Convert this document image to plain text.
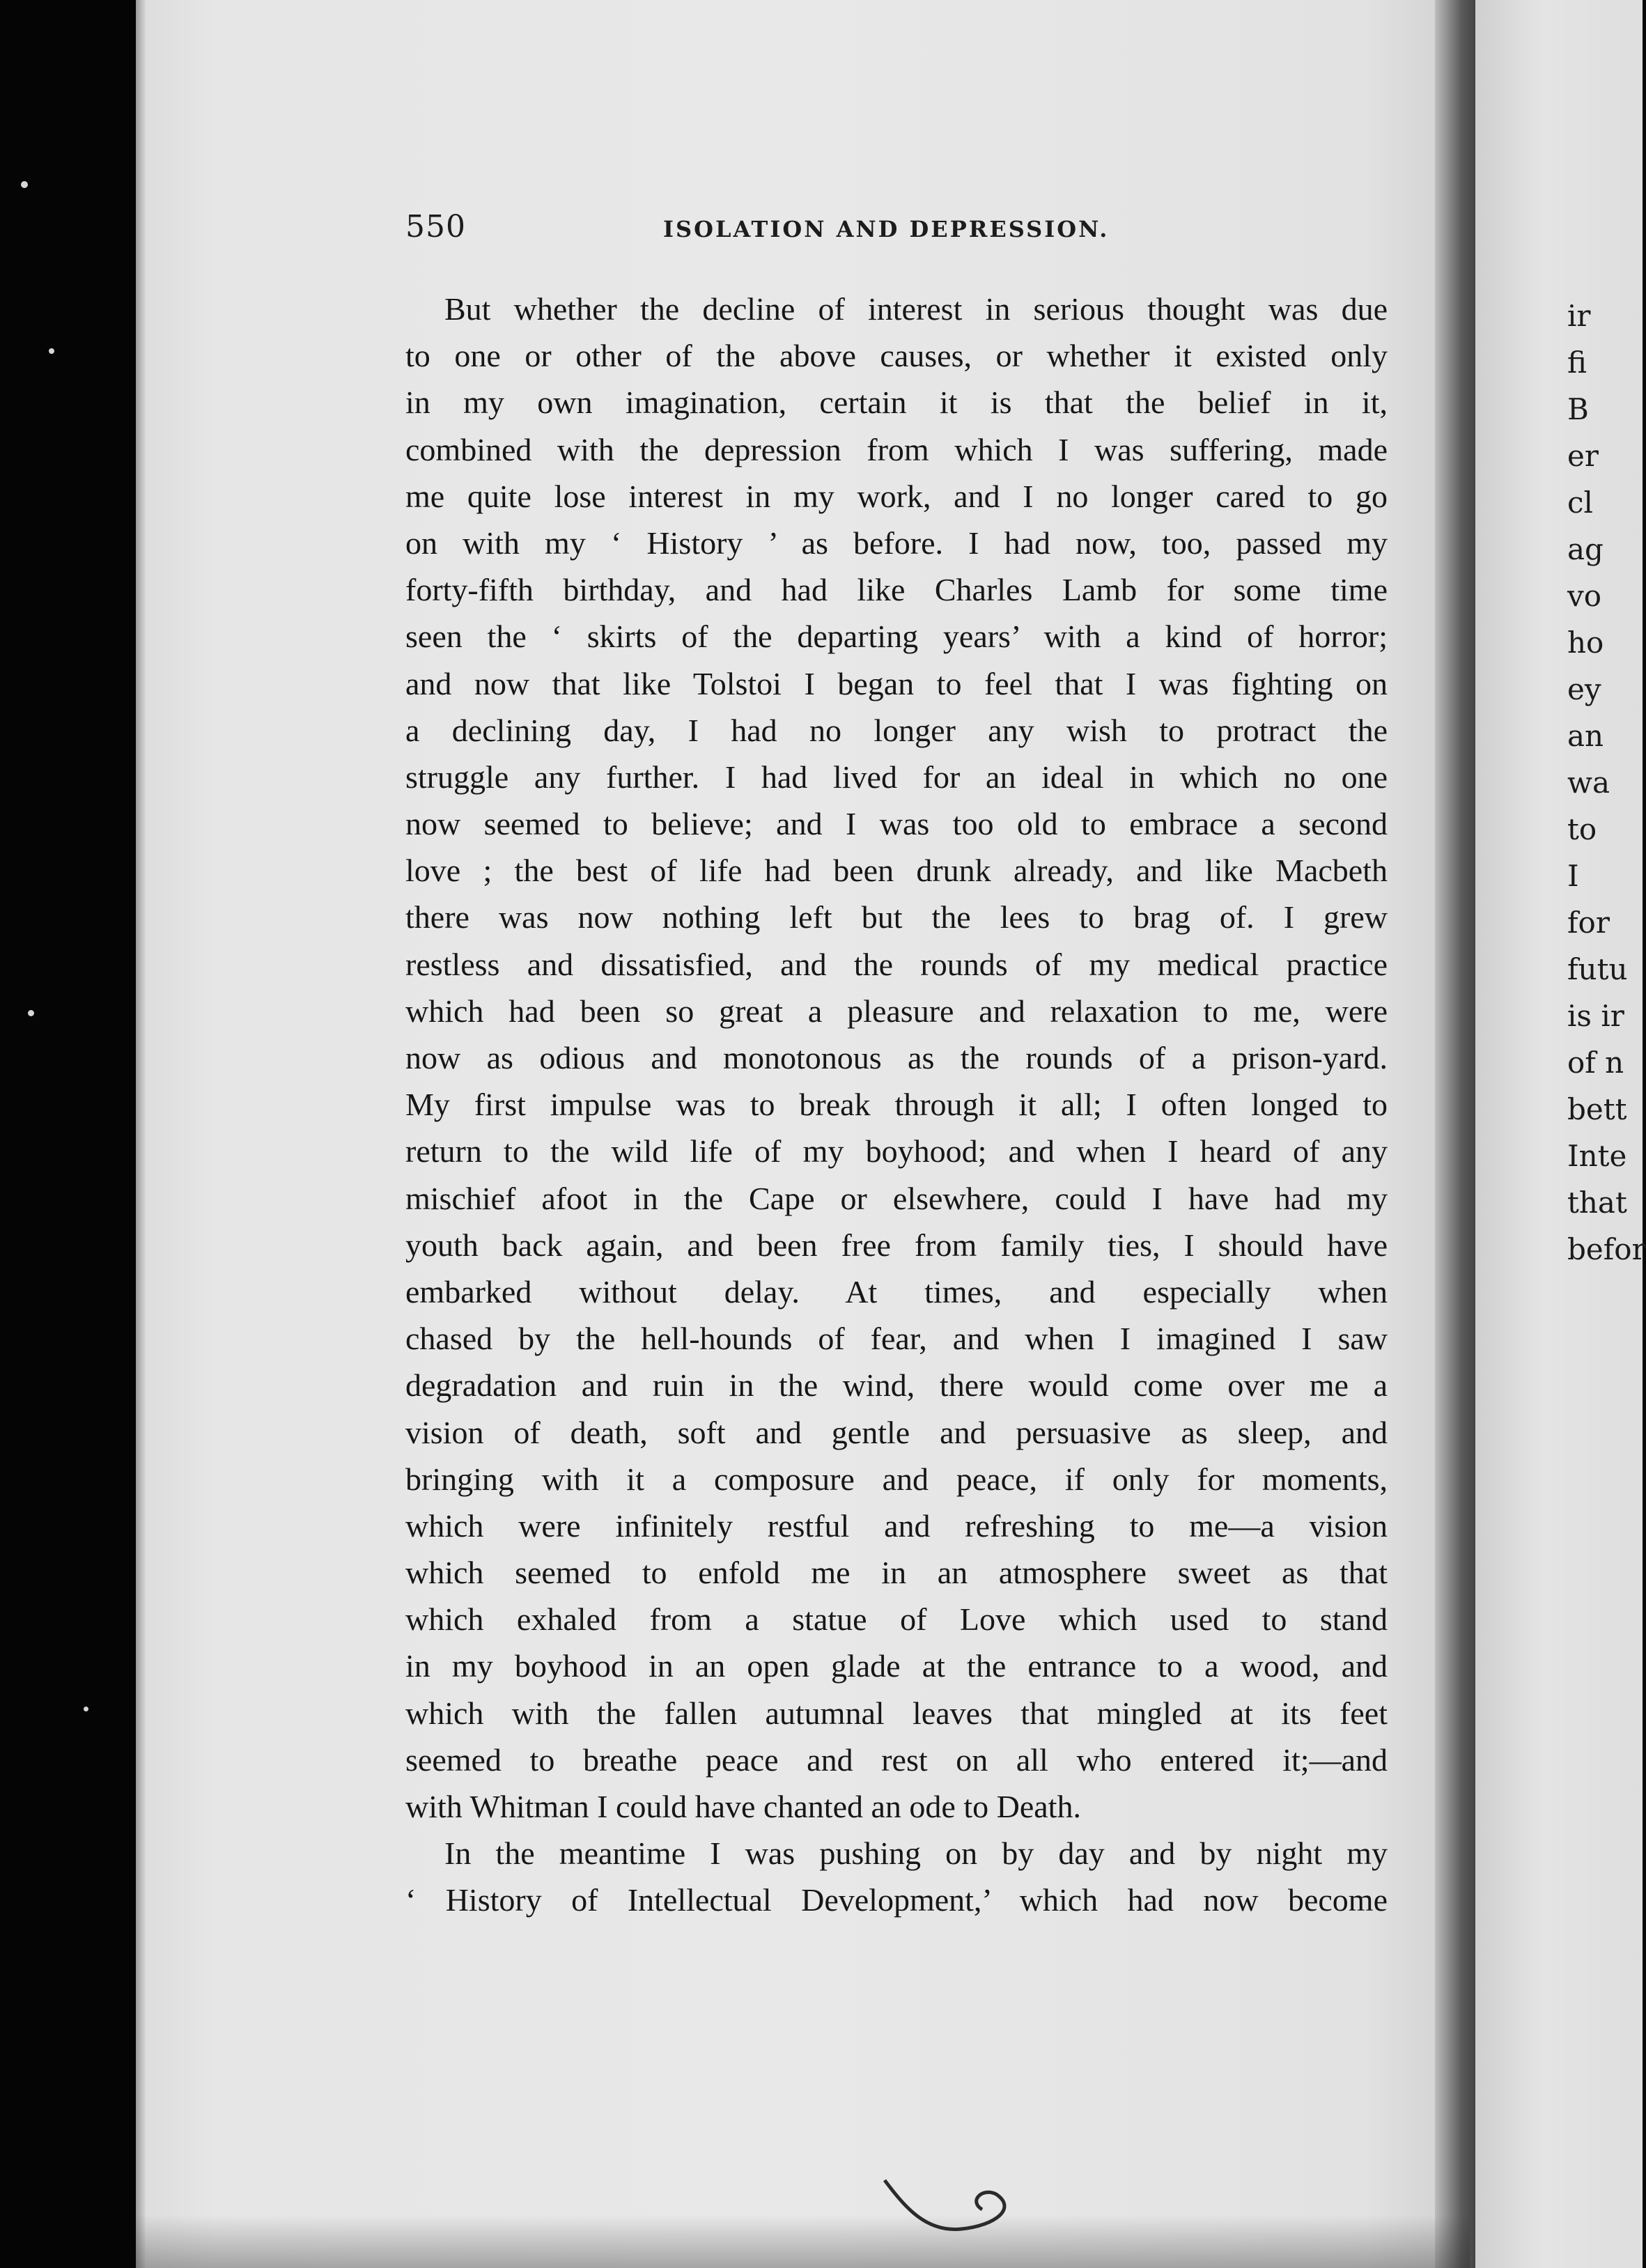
550	ISOLATION AND DEPRESSION.
But whether the decline of interest in serious thought was due
to one or other of the above causes, or whether it existed only
in my own imagination, certain it is that the belief in it,
combined with the depression from which I was suffering, made
me quite lose interest in my work, and I no longer cared to go
on with my ‘ History ’ as before. I had now, too, passed my
forty-fifth birthday, and had like Charles Lamb for some time
seen the ‘ skirts of the departing years’ with a kind of horror;
and now that like Tolstoi I began to feel that I was fighting on
a declining day, I had no longer any wish to protract the
struggle any further. I had lived for an ideal in which no one
now seemed to believe; and I was too old to embrace a second
love ; the best of life had been drunk already, and like Macbeth
there was now nothing left but the lees to brag of. I grew
restless and dissatisfied, and the rounds of my medical practice
which had been so great a pleasure and relaxation to me, were
now as odious and monotonous as the rounds of a prison-yard.
My first impulse was to break through it all; I often longed to
return to the wild life of my boyhood; and when I heard of any
mischief afoot in the Cape or elsewhere, could I have had my
youth back again, and been free from family ties, I should have
embarked without delay. At times, and especially when
chased by the hell-hounds of fear, and when I imagined I saw
degradation and ruin in the wind, there would come over me a
vision of death, soft and gentle and persuasive as sleep, and
bringing with it a composure and peace, if only for moments,
which were infinitely restful and refreshing to me—a vision
which seemed to enfold me in an atmosphere sweet as that
which exhaled from a statue of Love which used to stand
in my boyhood in an open glade at the entrance to a wood, and
which with the fallen autumnal leaves that mingled at its feet
seemed to breathe peace and rest on all who entered it;—and
with Whitman I could have chanted an ode to Death.
In the meantime I was pushing on by day and by night my
‘ History of Intellectual Development,’ which had now become
ir
fi
B
er
cl
ag
vo
ho
ey
an
wa
to
I
for
futu
is ir
of n
bett
Inte
that
befor
